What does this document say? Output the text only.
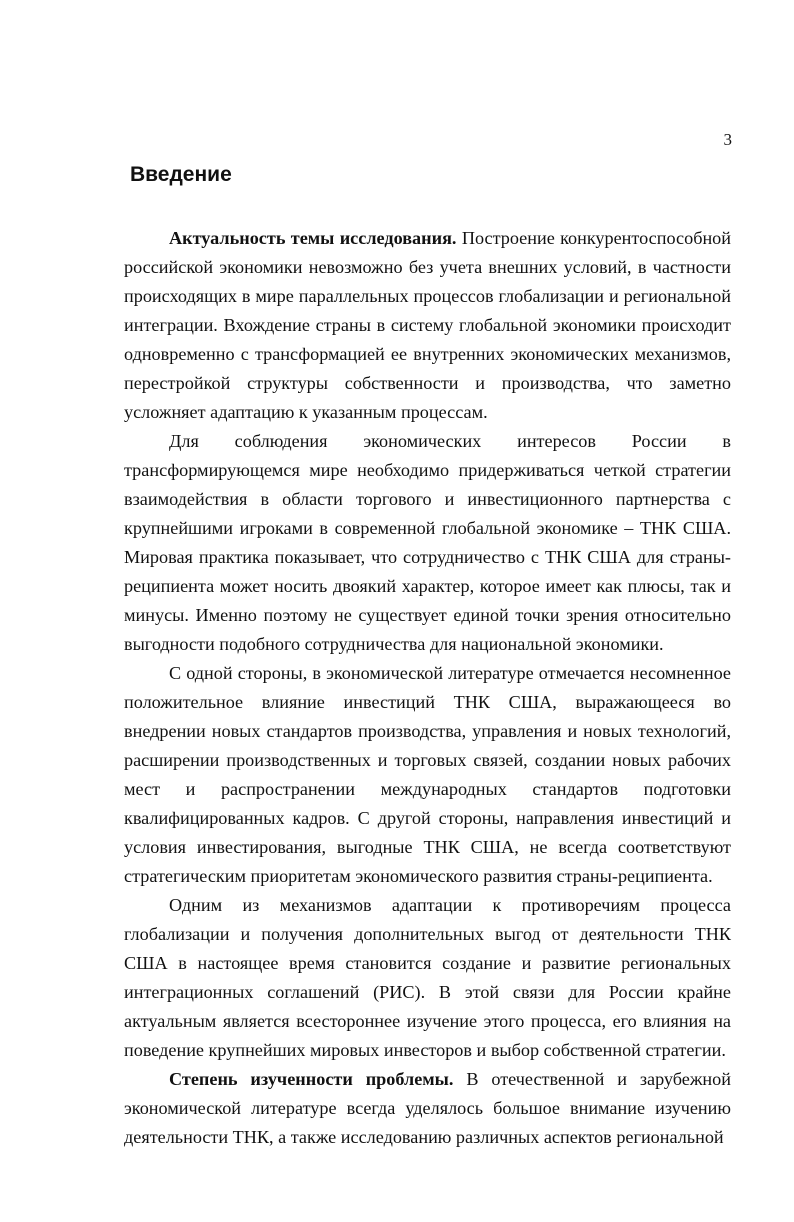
3
Введение

Актуальность темы исследования. Построение конкурентоспособной российской экономики невозможно без учета внешних условий, в частности происходящих в мире параллельных процессов глобализации и региональной интеграции. Вхождение страны в систему глобальной экономики происходит одновременно с трансформацией ее внутренних экономических механизмов, перестройкой структуры собственности и производства, что заметно усложняет адаптацию к указанным процессам.

Для соблюдения экономических интересов России в трансформирующемся мире необходимо придерживаться четкой стратегии взаимодействия в области торгового и инвестиционного партнерства с крупнейшими игроками в современной глобальной экономике – ТНК США. Мировая практика показывает, что сотрудничество с ТНК США для страны-реципиента может носить двоякий характер, которое имеет как плюсы, так и минусы. Именно поэтому не существует единой точки зрения относительно выгодности подобного сотрудничества для национальной экономики.

С одной стороны, в экономической литературе отмечается несомненное положительное влияние инвестиций ТНК США, выражающееся во внедрении новых стандартов производства, управления и новых технологий, расширении производственных и торговых связей, создании новых рабочих мест и распространении международных стандартов подготовки квалифицированных кадров. С другой стороны, направления инвестиций и условия инвестирования, выгодные ТНК США, не всегда соответствуют стратегическим приоритетам экономического развития страны-реципиента.

Одним из механизмов адаптации к противоречиям процесса глобализации и получения дополнительных выгод от деятельности ТНК США в настоящее время становится создание и развитие региональных интеграционных соглашений (РИС). В этой связи для России крайне актуальным является всестороннее изучение этого процесса, его влияния на поведение крупнейших мировых инвесторов и выбор собственной стратегии.

Степень изученности проблемы. В отечественной и зарубежной экономической литературе всегда уделялось большое внимание изучению деятельности ТНК, а также исследованию различных аспектов региональной
